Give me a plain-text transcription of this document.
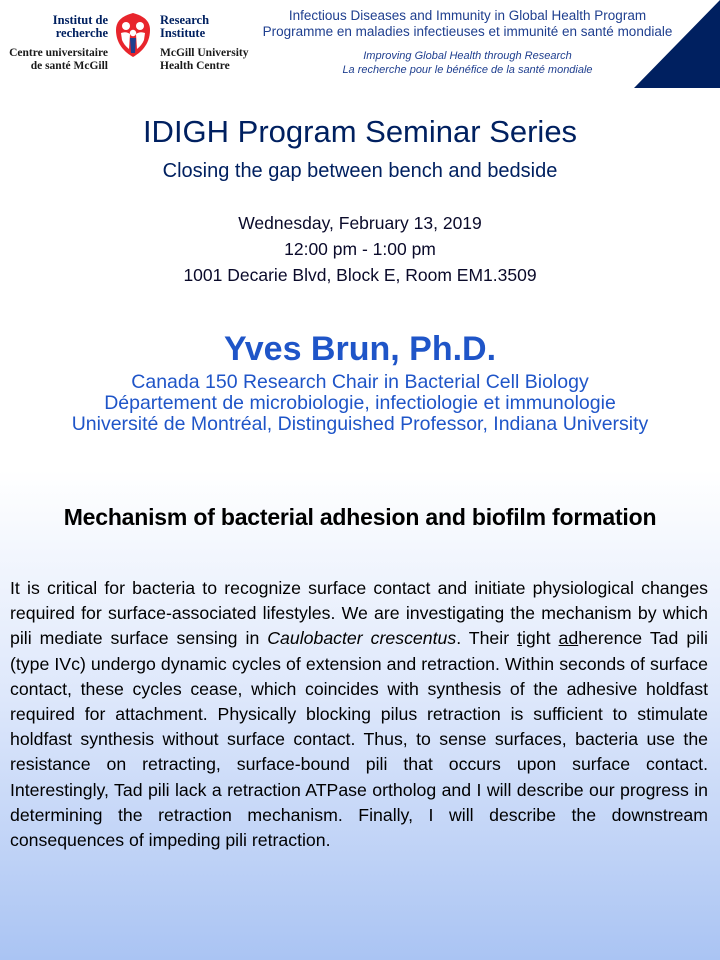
Institut de
recherche
Centre universitaire
de santé McGill
Research
Institute
McGill University
Health Centre
Infectious Diseases and Immunity in Global Health Program
Programme en maladies infectieuses et immunité en santé mondiale
Improving Global Health through Research
La recherche pour le bénéfice de la santé mondiale
IDIGH Program Seminar Series
Closing the gap between bench and bedside
Wednesday, February 13, 2019
12:00 pm - 1:00 pm
1001 Decarie Blvd, Block E, Room EM1.3509
Yves Brun, Ph.D.
Canada 150 Research Chair in Bacterial Cell Biology
Département de microbiologie, infectiologie et immunologie
Université de Montréal, Distinguished Professor, Indiana University
Mechanism of bacterial adhesion and biofilm formation
It is critical for bacteria to recognize surface contact and initiate physiological changes required for surface-associated lifestyles. We are investigating the mechanism by which pili mediate surface sensing in Caulobacter crescentus. Their tight adherence Tad pili (type IVc) undergo dynamic cycles of extension and retraction. Within seconds of surface contact, these cycles cease, which coincides with synthesis of the adhesive holdfast required for attachment. Physically blocking pilus retraction is sufficient to stimulate holdfast synthesis without surface contact. Thus, to sense surfaces, bacteria use the resistance on retracting, surface-bound pili that occurs upon surface contact. Interestingly, Tad pili lack a retraction ATPase ortholog and I will describe our progress in determining the retraction mechanism. Finally, I will describe the downstream consequences of impeding pili retraction.
